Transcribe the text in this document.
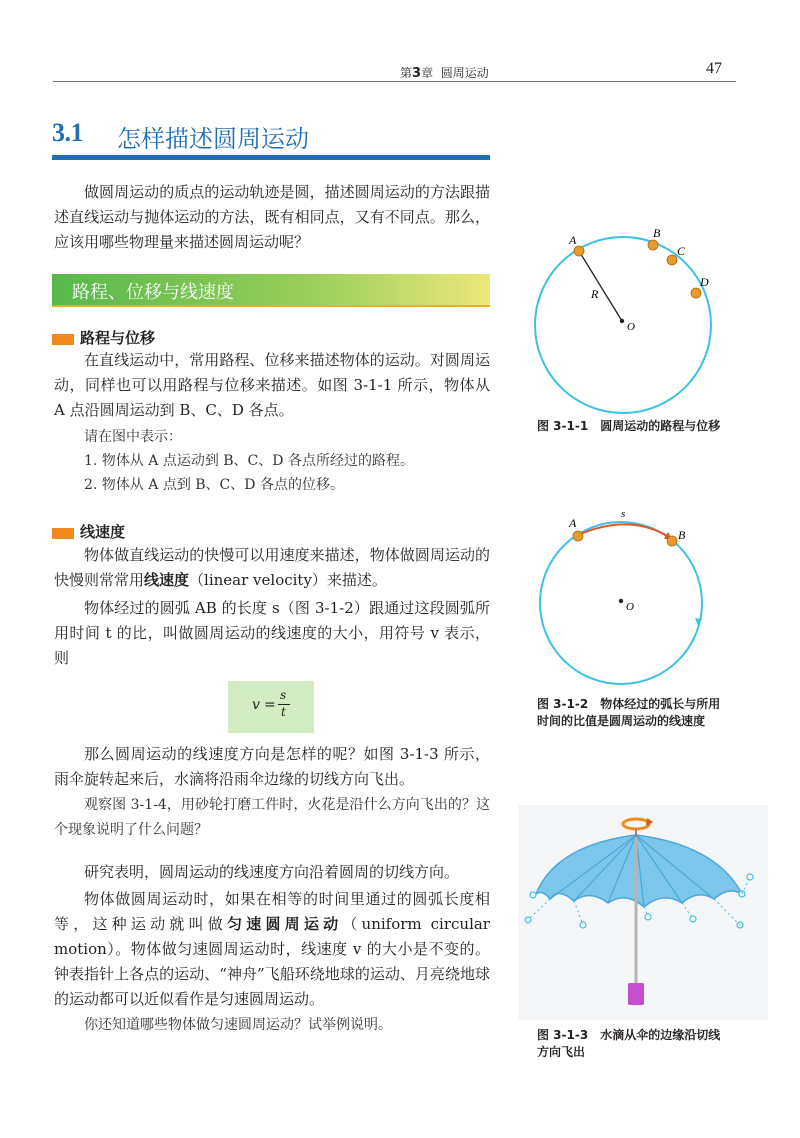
第3章 圆周运动	47
3.1 怎样描述圆周运动
做圆周运动的质点的运动轨迹是圆，描述圆周运动的方法跟描述直线运动与抛体运动的方法，既有相同点，又有不同点。那么，应该用哪些物理量来描述圆周运动呢？
路程、位移与线速度
路程与位移
在直线运动中，常用路程、位移来描述物体的运动。对圆周运动，同样也可以用路程与位移来描述。如图 3-1-1 所示，物体从 A 点沿圆周运动到 B、C、D 各点。
请在图中表示：
1. 物体从 A 点运动到 B、C、D 各点所经过的路程。
2. 物体从 A 点到 B、C、D 各点的位移。
线速度
物体做直线运动的快慢可以用速度来描述，物体做圆周运动的快慢则常常用线速度（linear velocity）来描述。
物体经过的圆弧 AB 的长度 s（图 3-1-2）跟通过这段圆弧所用时间 t 的比，叫做圆周运动的线速度的大小，用符号 v 表示，则
v =
s
t
那么圆周运动的线速度方向是怎样的呢？如图 3-1-3 所示，雨伞旋转起来后，水滴将沿雨伞边缘的切线方向飞出。
观察图 3-1-4，用砂轮打磨工件时，火花是沿什么方向飞出的？这个现象说明了什么问题？
研究表明，圆周运动的线速度方向沿着圆周的切线方向。
物体做圆周运动时，如果在相等的时间里通过的圆弧长度相等，这种运动就叫做匀速圆周运动（uniform circular motion）。物体做匀速圆周运动时，线速度 v 的大小是不变的。钟表指针上各点的运动、“神舟”飞船环绕地球的运动、月亮绕地球的运动都可以近似看作是匀速圆周运动。
你还知道哪些物体做匀速圆周运动？试举例说明。
A	B
C
D
R
O
图 3-1-1　圆周运动的路程与位移
A
B
s
O
图 3-1-2　物体经过的弧长与所用
时间的比值是圆周运动的线速度
图 3-1-3　水滴从伞的边缘沿切线
方向飞出
